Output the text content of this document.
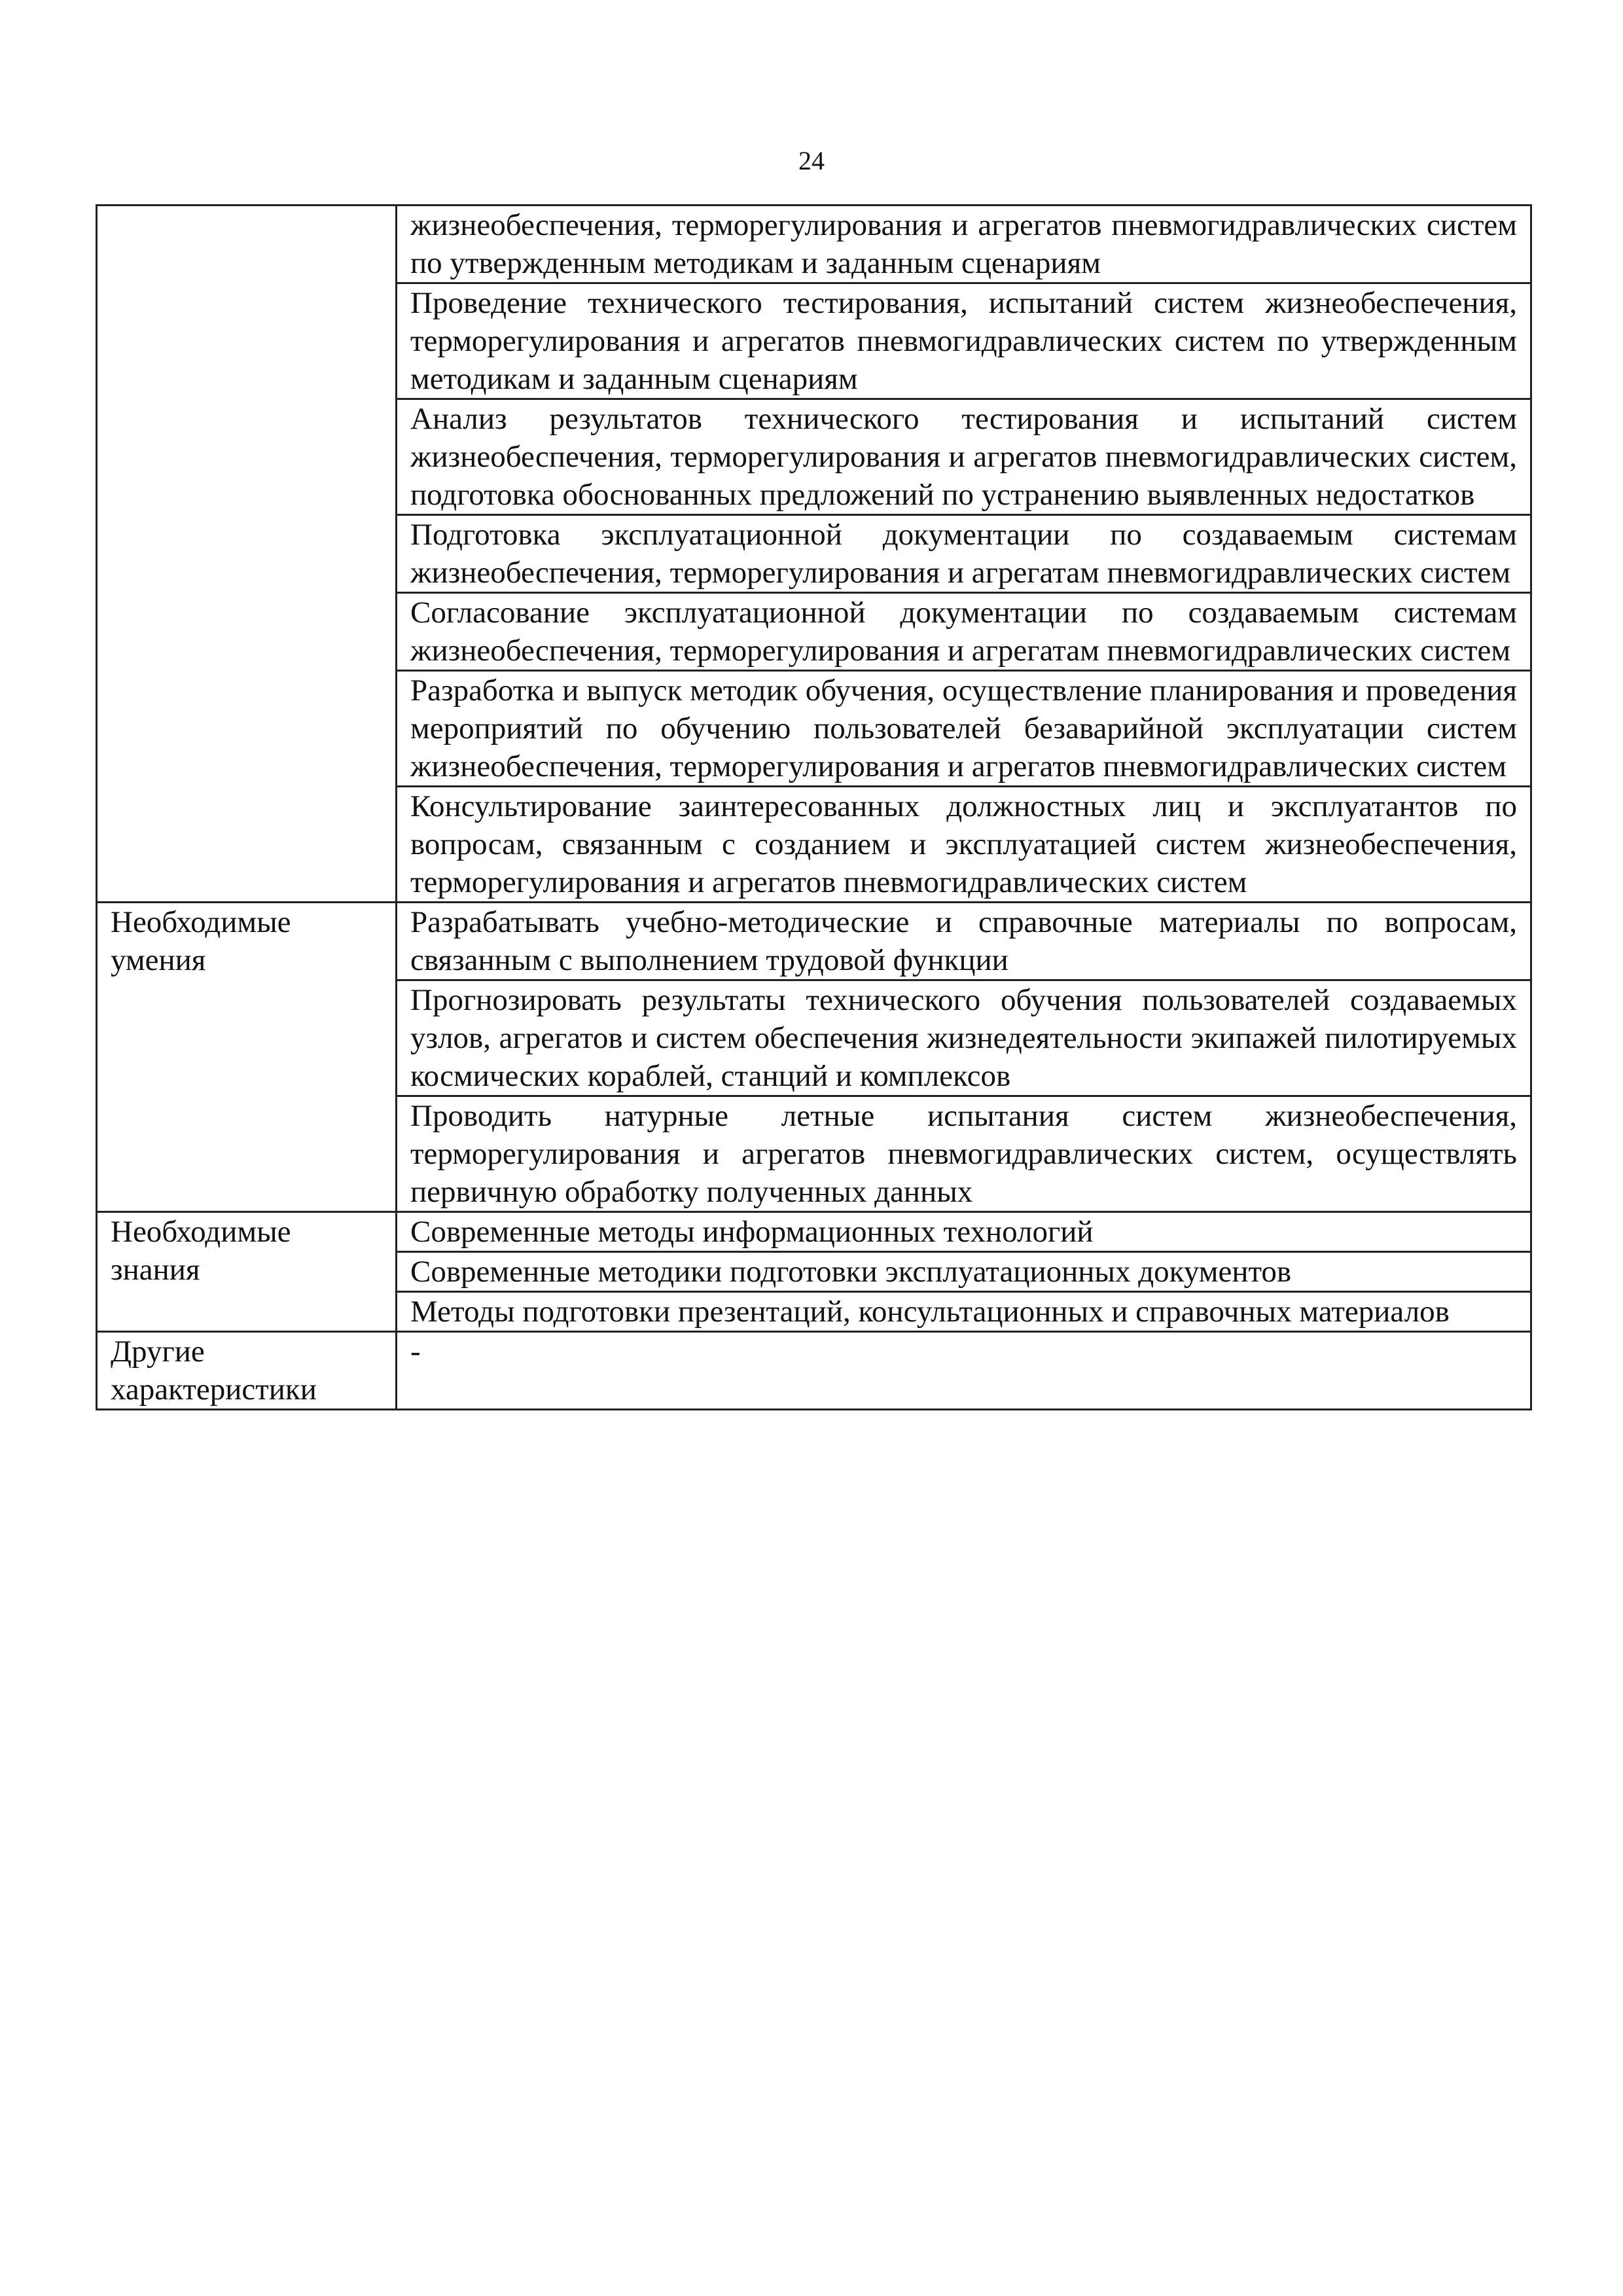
24
	жизнеобеспечения, терморегулирования и агрегатов пневмогидравлических систем по утвержденным методикам и заданным сценариям
	Проведение технического тестирования, испытаний систем жизнеобеспечения, терморегулирования и агрегатов пневмогидравлических систем по утвержденным методикам и заданным сценариям
	Анализ результатов технического тестирования и испытаний систем жизнеобеспечения, терморегулирования и агрегатов пневмогидравлических систем, подготовка обоснованных предложений по устранению выявленных недостатков
	Подготовка эксплуатационной документации по создаваемым системам жизнеобеспечения, терморегулирования и агрегатам пневмогидравлических систем
	Согласование эксплуатационной документации по создаваемым системам жизнеобеспечения, терморегулирования и агрегатам пневмогидравлических систем
	Разработка и выпуск методик обучения, осуществление планирования и проведения мероприятий по обучению пользователей безаварийной эксплуатации систем жизнеобеспечения, терморегулирования и агрегатов пневмогидравлических систем
	Консультирование заинтересованных должностных лиц и эксплуатантов по вопросам, связанным с созданием и эксплуатацией систем жизнеобеспечения, терморегулирования и агрегатов пневмогидравлических систем
Необходимые умения	Разрабатывать учебно-методические и справочные материалы по вопросам, связанным с выполнением трудовой функции
	Прогнозировать результаты технического обучения пользователей создаваемых узлов, агрегатов и систем обеспечения жизнедеятельности экипажей пилотируемых космических кораблей, станций и комплексов
	Проводить натурные летные испытания систем жизнеобеспечения, терморегулирования и агрегатов пневмогидравлических систем, осуществлять первичную обработку полученных данных
Необходимые знания	Современные методы информационных технологий
	Современные методики подготовки эксплуатационных документов
	Методы подготовки презентаций, консультационных и справочных материалов
Другие характеристики	-
